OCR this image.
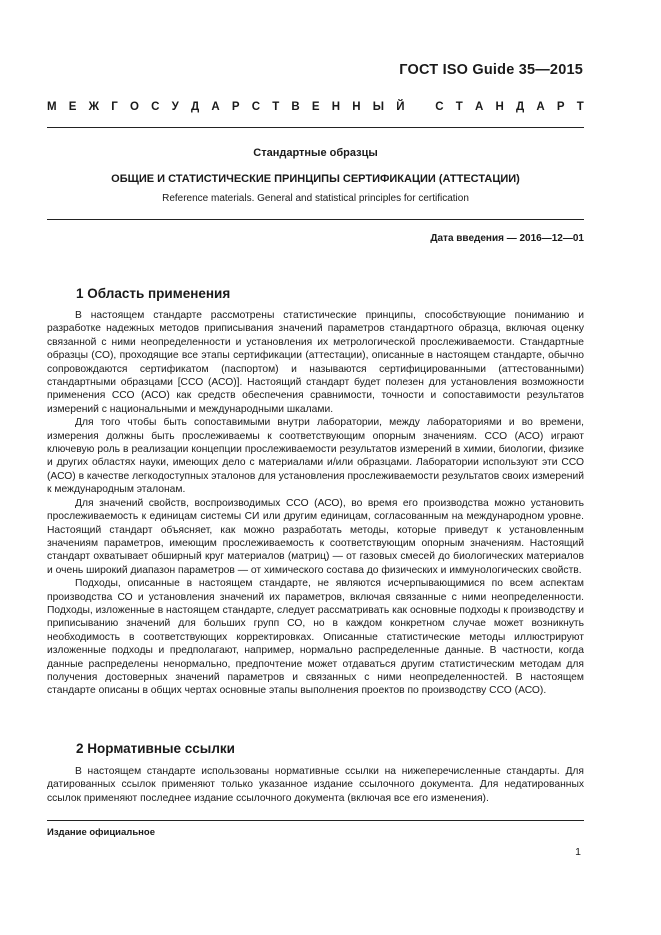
ГОСТ ISO Guide 35—2015
М Е Ж Г О С У Д А Р С Т В Е Н Н Ы Й
	С Т А Н Д А Р Т
Стандартные образцы
ОБЩИЕ И СТАТИСТИЧЕСКИЕ ПРИНЦИПЫ СЕРТИФИКАЦИИ (АТТЕСТАЦИИ)
Reference materials. General and statistical principles for certification
Дата введения — 2016—12—01
1 Область применения

В настоящем стандарте рассмотрены статистические принципы, способствующие пониманию и разработке надежных методов приписывания значений параметров стандартного образца, включая оценку связанной с ними неопределенности и установления их метрологической прослеживаемости. Стандартные образцы (СО), проходящие все этапы сертификации (аттестации), описанные в настоящем стандарте, обычно сопровождаются сертификатом (паспортом) и называются сертифицированными (аттестованными) стандартными образцами [ССО (АСО)]. Настоящий стандарт будет полезен для установления возможности применения ССО (АСО) как средств обеспечения сравнимости, точности и сопоставимости результатов измерений с национальными и международными шкалами.

Для того чтобы быть сопоставимыми внутри лаборатории, между лабораториями и во времени, измерения должны быть прослеживаемы к соответствующим опорным значениям. ССО (АСО) играют ключевую роль в реализации концепции прослеживаемости результатов измерений в химии, биологии, физике и других областях науки, имеющих дело с материалами и/или образцами. Лаборатории используют эти ССО (АСО) в качестве легкодоступных эталонов для установления прослеживаемости результатов своих измерений к международным эталонам.

Для значений свойств, воспроизводимых ССО (АСО), во время его производства можно установить прослеживаемость к единицам системы СИ или другим единицам, согласованным на международном уровне. Настоящий стандарт объясняет, как можно разработать методы, которые приведут к установленным значениям параметров, имеющим прослеживаемость к соответствующим опорным значениям. Настоящий стандарт охватывает обширный круг материалов (матриц) — от газовых смесей до биологических материалов и очень широкий диапазон параметров — от химического состава до физических и иммунологических свойств.

Подходы, описанные в настоящем стандарте, не являются исчерпывающимися по всем аспектам производства СО и установления значений их параметров, включая связанные с ними неопределенности. Подходы, изложенные в настоящем стандарте, следует рассматривать как основные подходы к производству и приписыванию значений для больших групп СО, но в каждом конкретном случае может возникнуть необходимость в соответствующих корректировках. Описанные статистические методы иллюстрируют изложенные подходы и предполагают, например, нормально распределенные данные. В частности, когда данные распределены ненормально, предпочтение может отдаваться другим статистическим методам для получения достоверных значений параметров и связанных с ними неопределенностей. В настоящем стандарте описаны в общих чертах основные этапы выполнения проектов по производству ССО (АСО).

2 Нормативные ссылки

В настоящем стандарте использованы нормативные ссылки на нижеперечисленные стандарты. Для датированных ссылок применяют только указанное издание ссылочного документа. Для недатированных ссылок применяют последнее издание ссылочного документа (включая все его изменения).

Издание официальное
1
